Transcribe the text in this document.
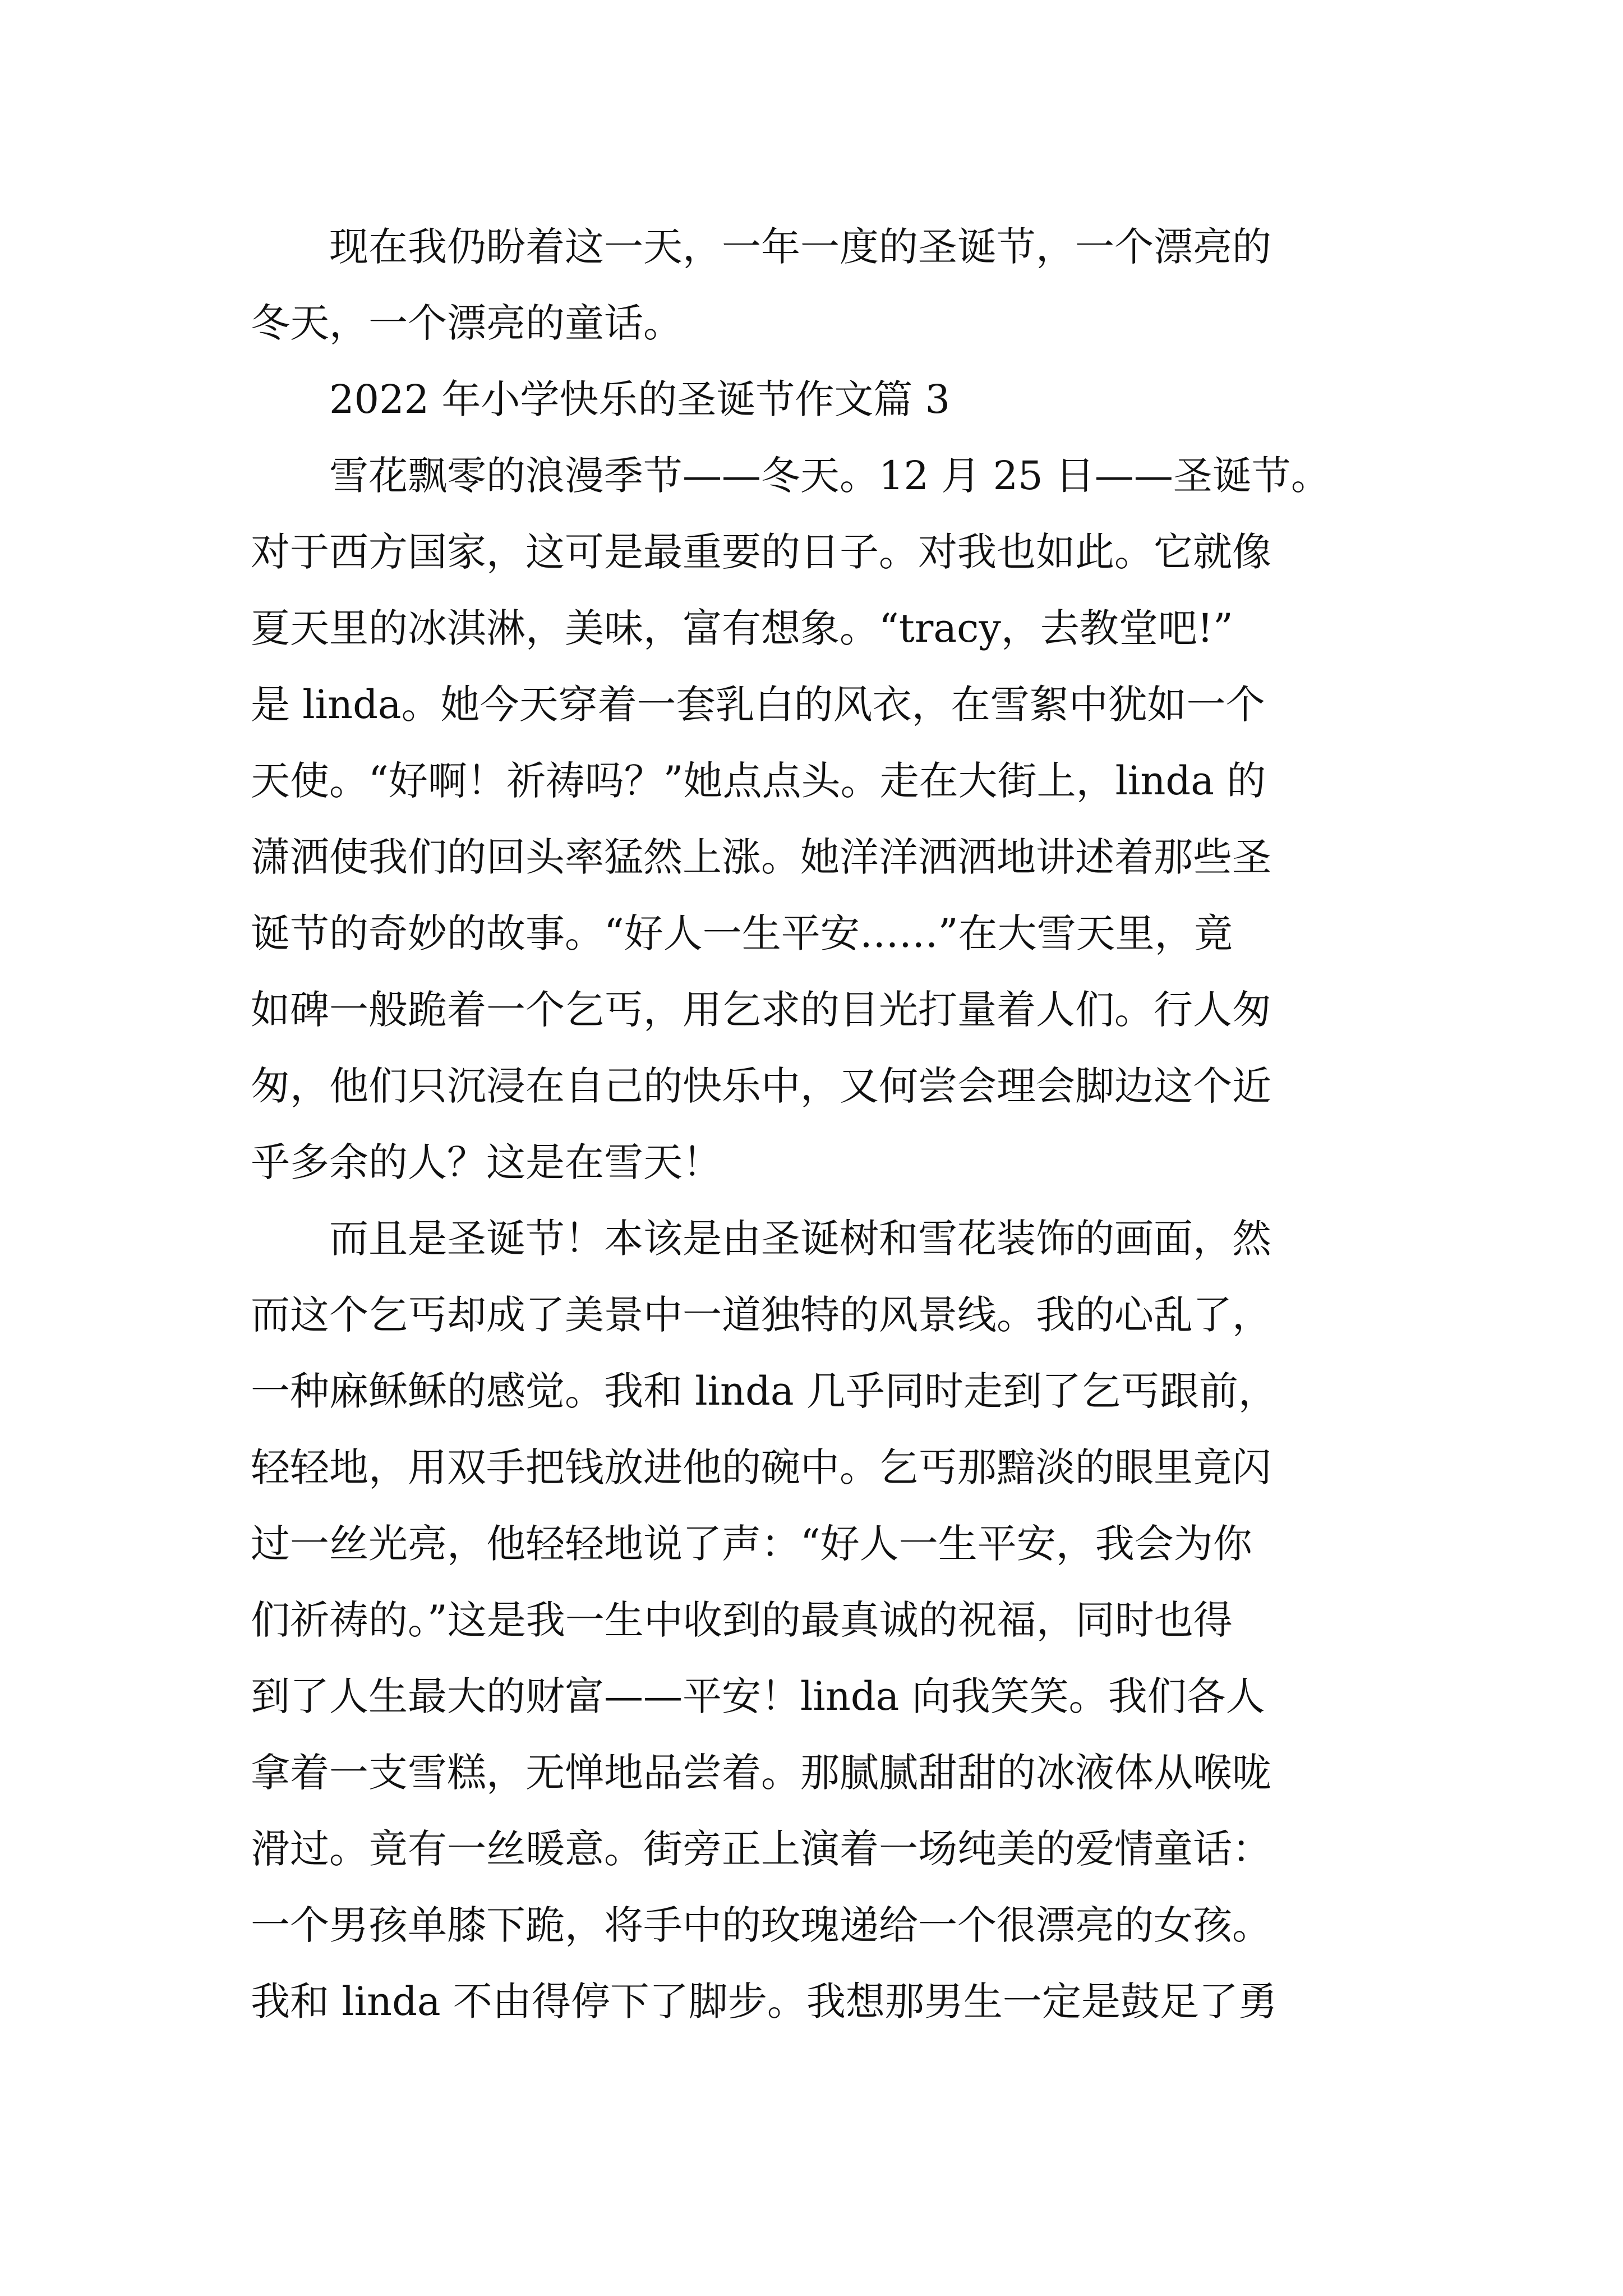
　　现在我仍盼着这一天，一年一度的圣诞节，一个漂亮的
冬天，一个漂亮的童话。
　　2022 年小学快乐的圣诞节作文篇 3
　　雪花飘零的浪漫季节——冬天。12 月 25 日——圣诞节。
对于西方国家，这可是最重要的日子。对我也如此。它就像
夏天里的冰淇淋，美味，富有想象。“tracy，去教堂吧!”
是 linda。她今天穿着一套乳白的风衣，在雪絮中犹如一个
天使。“好啊！祈祷吗？”她点点头。走在大街上，linda 的
潇洒使我们的回头率猛然上涨。她洋洋洒洒地讲述着那些圣
诞节的奇妙的故事。“好人一生平安……”在大雪天里，竟
如碑一般跪着一个乞丐，用乞求的目光打量着人们。行人匆
匆，他们只沉浸在自己的快乐中，又何尝会理会脚边这个近
乎多余的人？这是在雪天！
　　而且是圣诞节！本该是由圣诞树和雪花装饰的画面，然
而这个乞丐却成了美景中一道独特的风景线。我的心乱了，
一种麻稣稣的感觉。我和 linda 几乎同时走到了乞丐跟前，
轻轻地，用双手把钱放进他的碗中。乞丐那黯淡的眼里竟闪
过一丝光亮，他轻轻地说了声：“好人一生平安，我会为你
们祈祷的。”这是我一生中收到的最真诚的祝福，同时也得
到了人生最大的财富——平安！linda 向我笑笑。我们各人
拿着一支雪糕，无惮地品尝着。那腻腻甜甜的冰液体从喉咙
滑过。竟有一丝暖意。街旁正上演着一场纯美的爱情童话：
一个男孩单膝下跪，将手中的玫瑰递给一个很漂亮的女孩。
我和 linda 不由得停下了脚步。我想那男生一定是鼓足了勇
